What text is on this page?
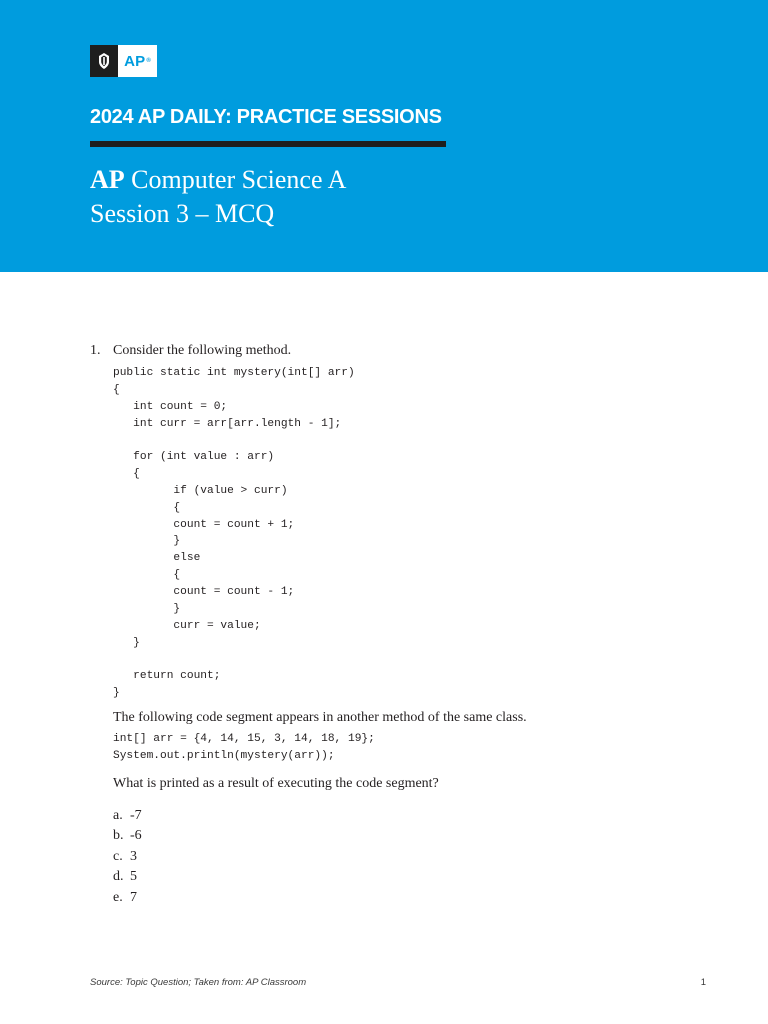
AP ®
2024 AP DAILY: PRACTICE SESSIONS
AP Computer Science A
Session 3 – MCQ
1. Consider the following method.

public static int mystery(int[] arr)
{
int count = 0;
int curr = arr[arr.length - 1];

for (int value : arr)
{
if (value > curr)
{
count = count + 1;
}
else
{
count = count - 1;
}
curr = value;
}

return count;
}

The following code segment appears in another method of the same class.

int[] arr = {4, 14, 15, 3, 14, 18, 19};
System.out.println(mystery(arr));

What is printed as a result of executing the code segment?

a. -7
b. -6
c. 3
d. 5
e. 7
Source: Topic Question; Taken from: AP Classroom	1
